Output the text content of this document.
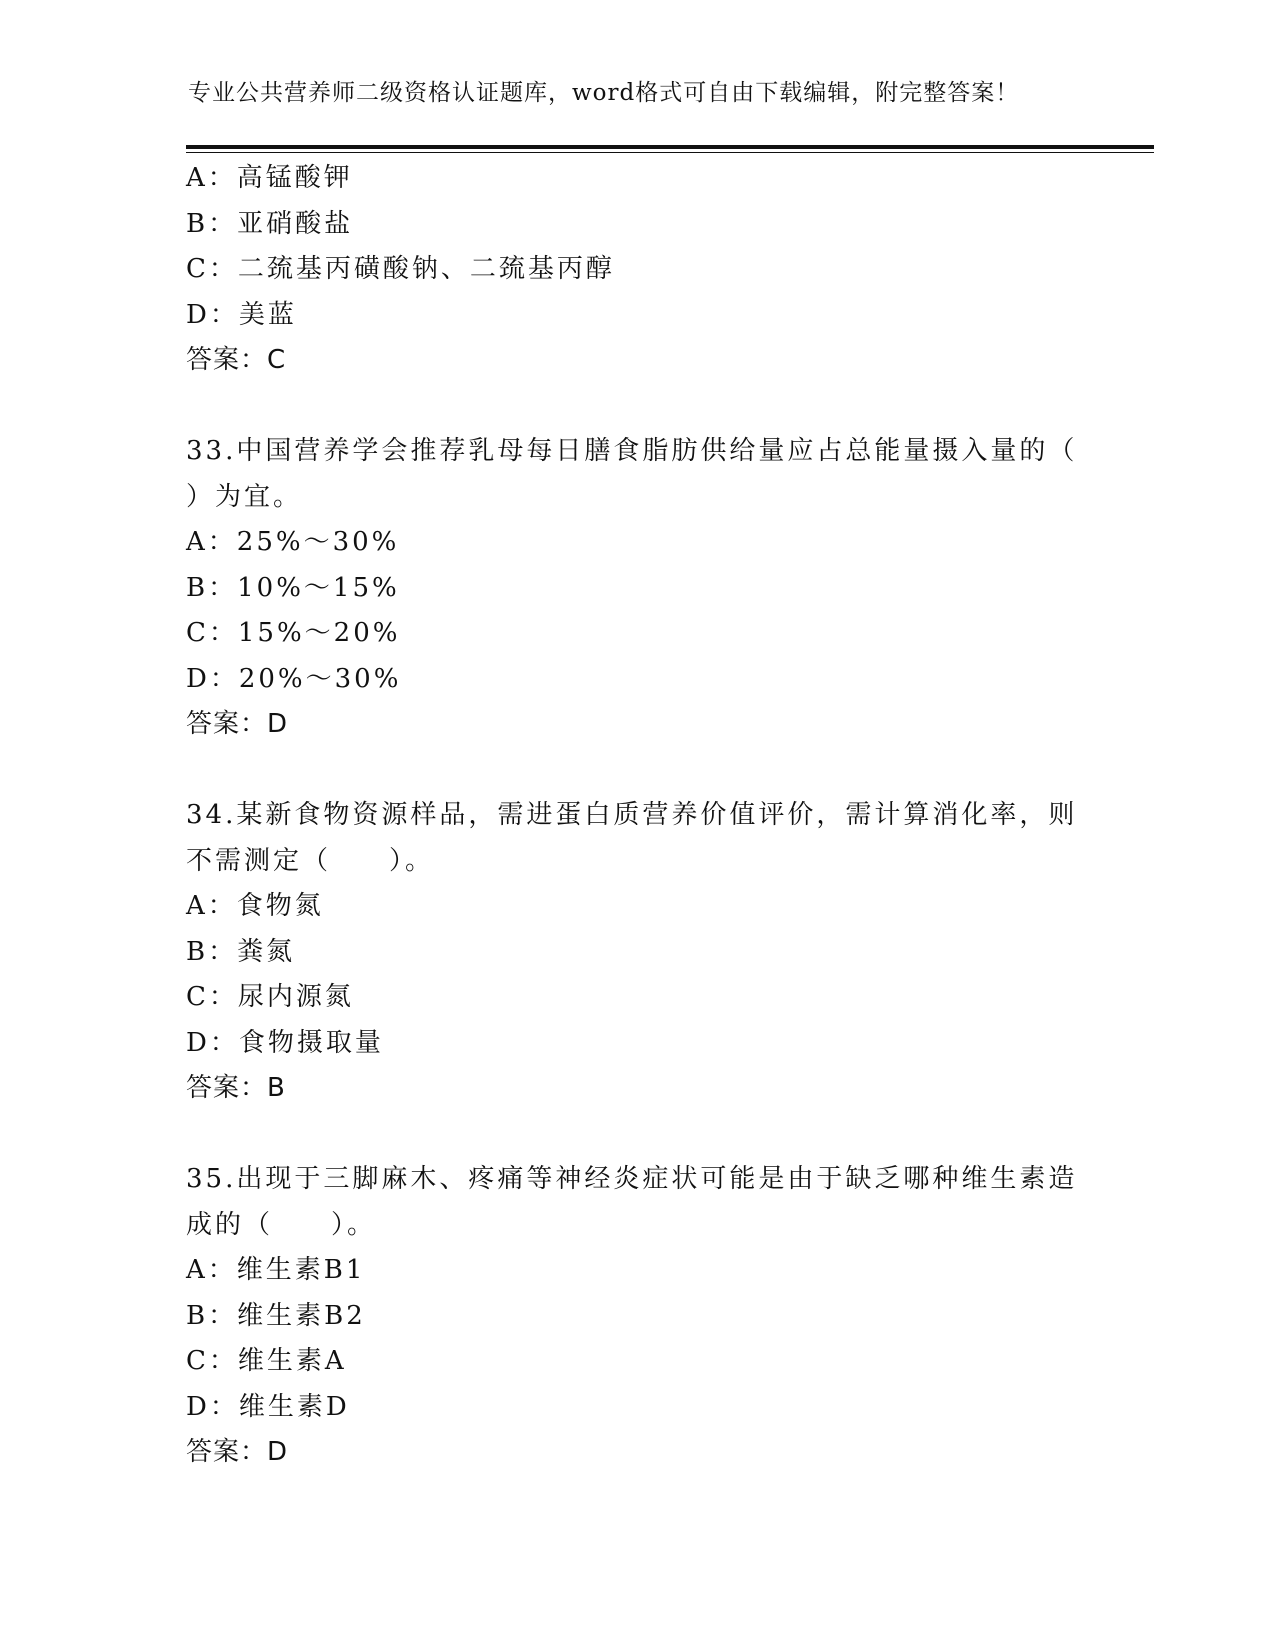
专业公共营养师二级资格认证题库，word格式可自由下载编辑，附完整答案！
A：高锰酸钾
B：亚硝酸盐
C：二巯基丙磺酸钠、二巯基丙醇
D：美蓝
答案：C
33.中国营养学会推荐乳母每日膳食脂肪供给量应占总能量摄入量的（
）为宜。
A：25%～30%
B：10%～15%
C：15%～20%
D：20%～30%
答案：D
34.某新食物资源样品，需进蛋白质营养价值评价，需计算消化率，则
不需测定（　　）。
A：食物氮
B：粪氮
C：尿内源氮
D：食物摄取量
答案：B
35.出现于三脚麻木、疼痛等神经炎症状可能是由于缺乏哪种维生素造
成的（　　）。
A：维生素B1
B：维生素B2
C：维生素A
D：维生素D
答案：D
